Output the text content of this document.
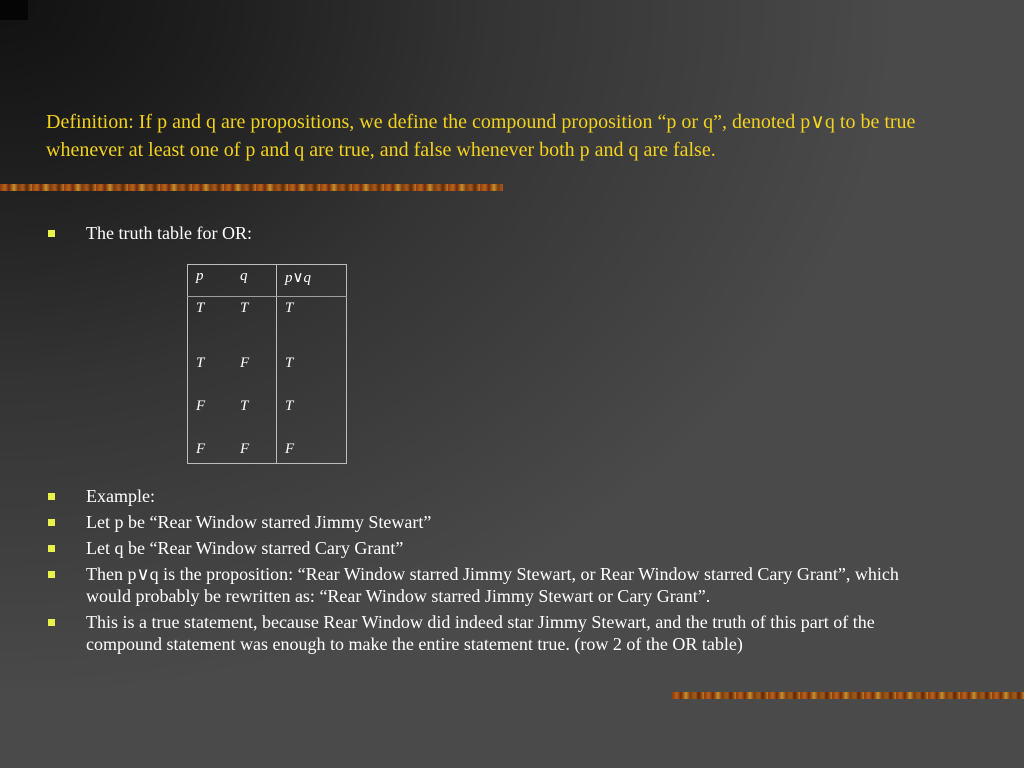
Definition: If p and q are propositions, we define the compound proposition “p or q”, denoted p∨q to be true whenever at least one of p and q are true, and false whenever both p and q are false.

The truth table for OR:
p	q	p∨q
T	T	T
T	F	T
F	T	T
F	F	F
Example:
Let p be “Rear Window starred Jimmy Stewart”
Let q be “Rear Window starred Cary Grant”
Then p∨q is the proposition: “Rear Window starred Jimmy Stewart, or Rear Window starred Cary Grant”, which would probably be rewritten as: “Rear Window starred Jimmy Stewart or Cary Grant”.
This is a true statement, because Rear Window did indeed star Jimmy Stewart, and the truth of this part of the compound statement was enough to make the entire statement true. (row 2 of the OR table)
